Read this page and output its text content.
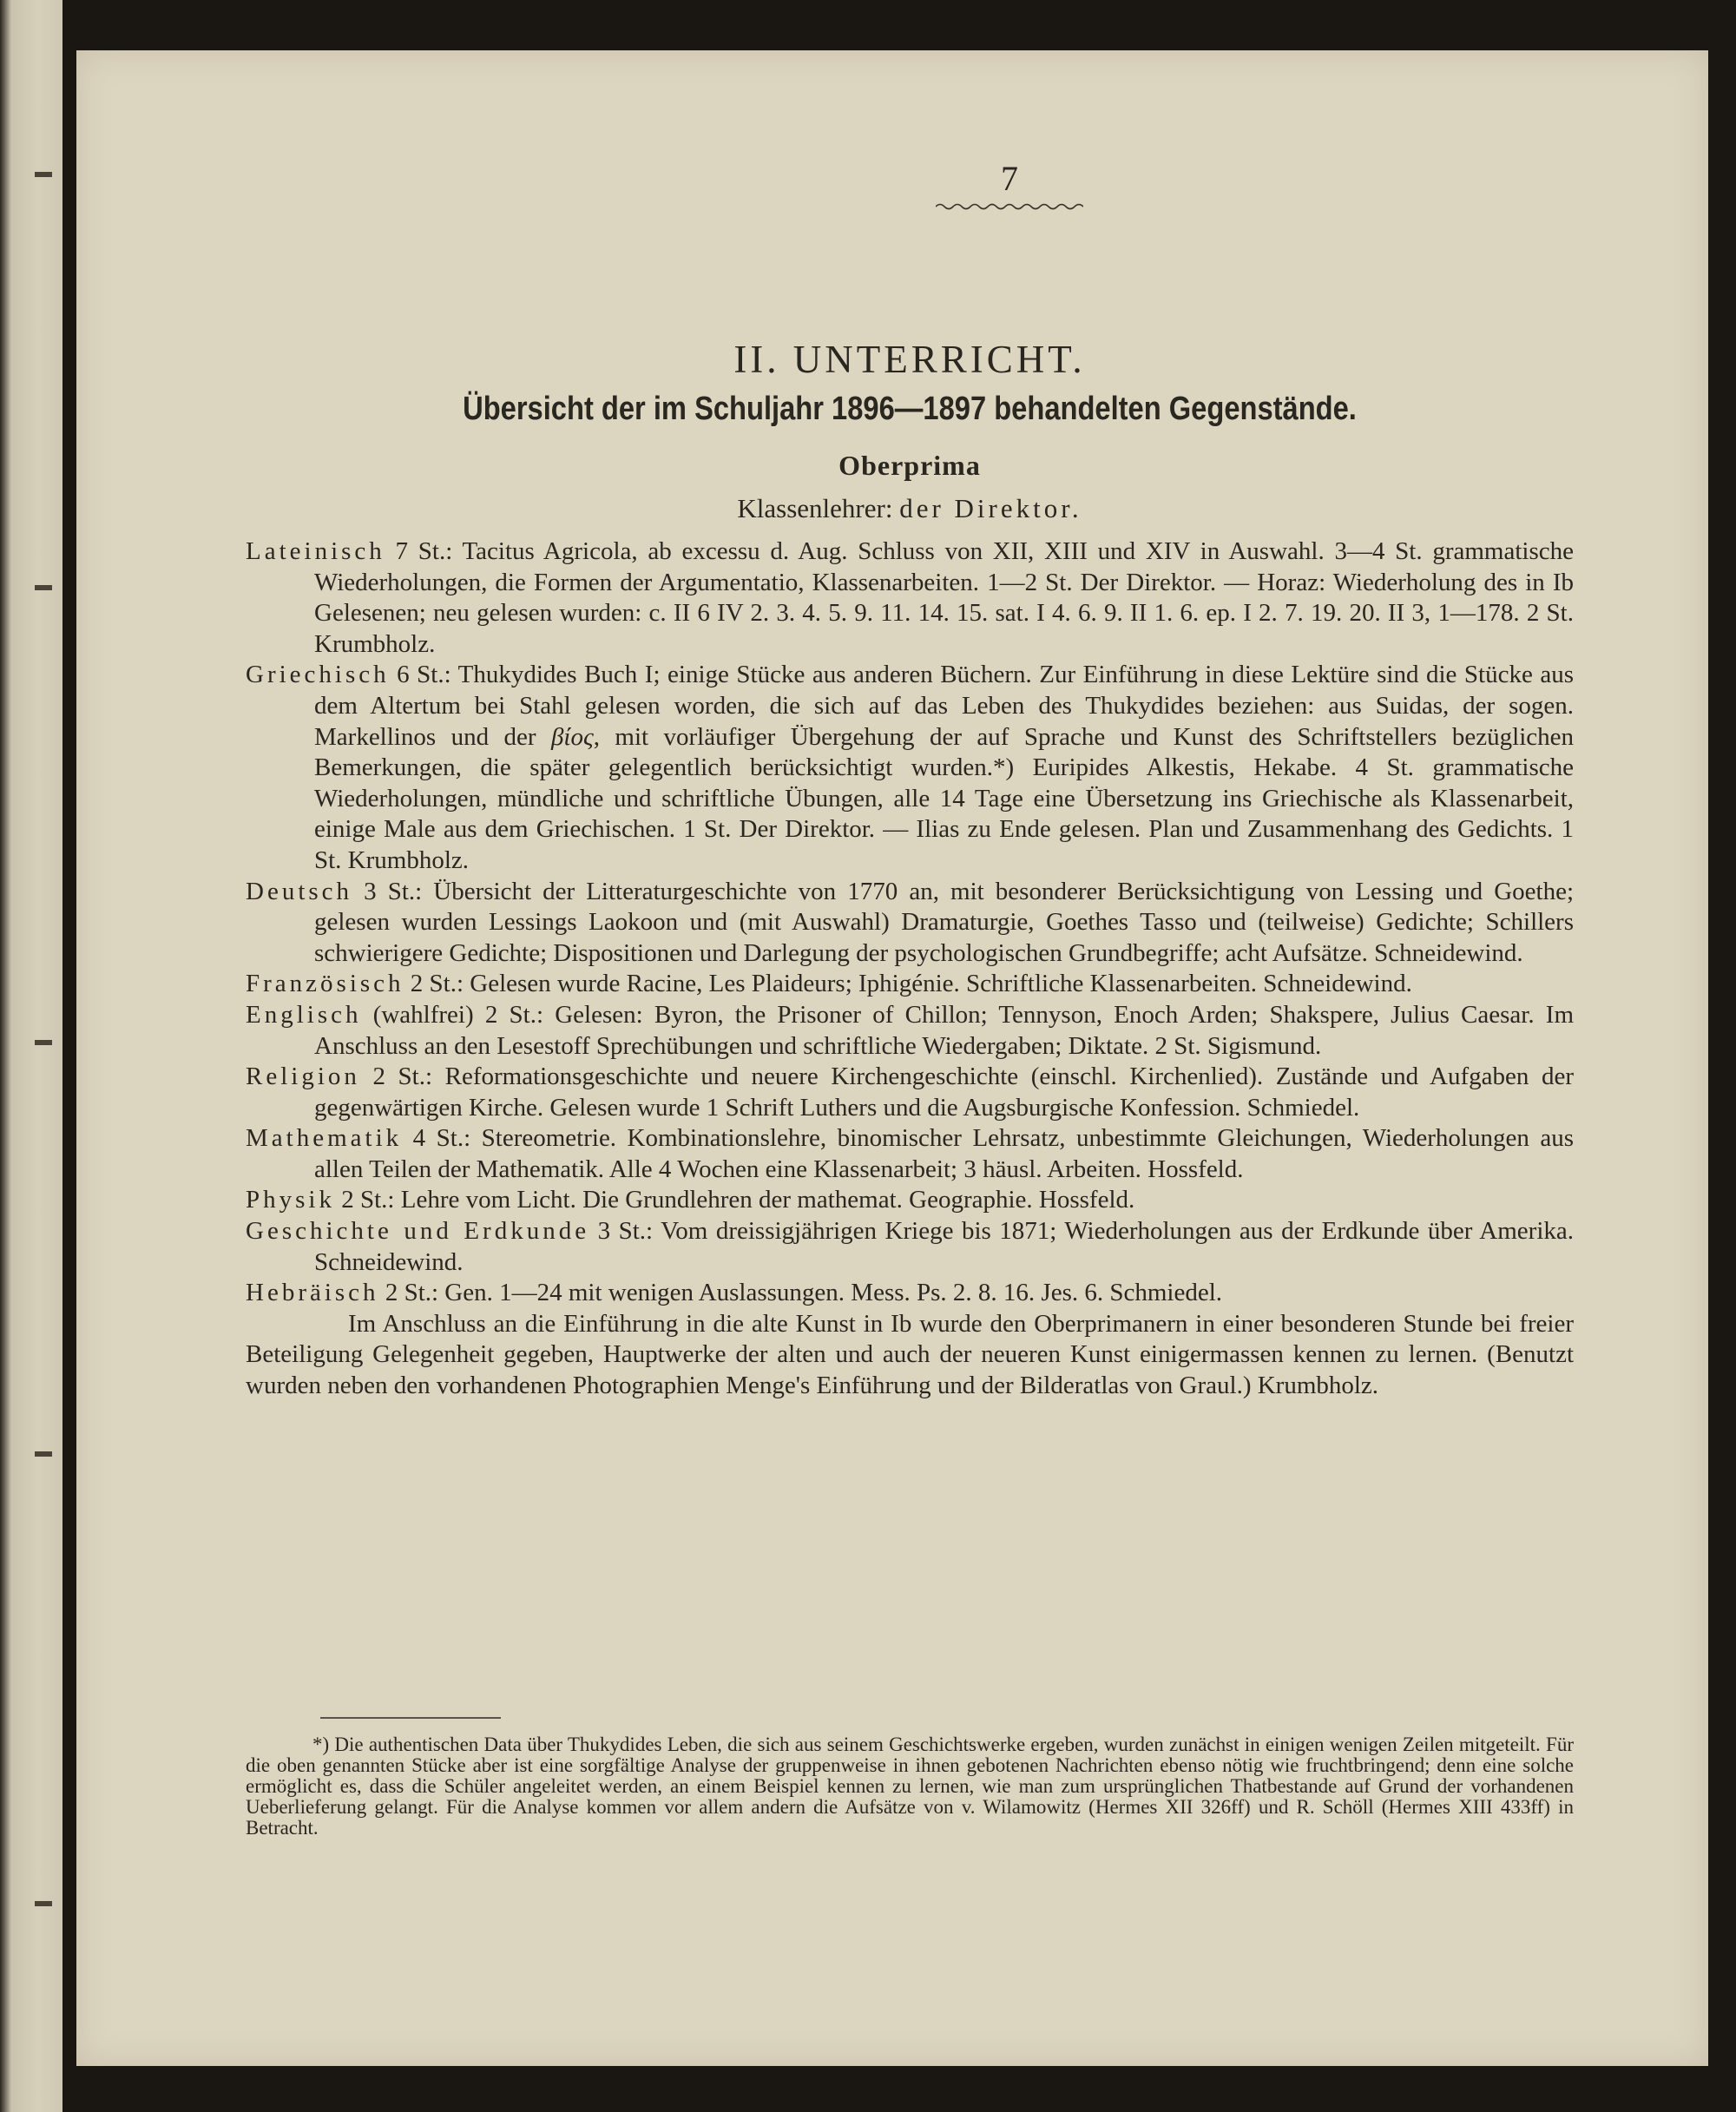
7
II. UNTERRICHT.
Übersicht der im Schuljahr 1896—1897 behandelten Gegenstände.
Oberprima
Klassenlehrer: der Direktor.

Lateinisch 7 St.: Tacitus Agricola, ab excessu d. Aug. Schluss von XII, XIII und XIV in Auswahl. 3—4 St. grammatische Wiederholungen, die Formen der Argumentatio, Klassenarbeiten. 1—2 St. Der Direktor. — Horaz: Wiederholung des in Ib Gelesenen; neu gelesen wurden: c. II 6 IV 2. 3. 4. 5. 9. 11. 14. 15. sat. I 4. 6. 9. II 1. 6. ep. I 2. 7. 19. 20. II 3, 1—178. 2 St. Krumbholz.

Griechisch 6 St.: Thukydides Buch I; einige Stücke aus anderen Büchern. Zur Einführung in diese Lektüre sind die Stücke aus dem Altertum bei Stahl gelesen worden, die sich auf das Leben des Thukydides beziehen: aus Suidas, der sogen. Markellinos und der βίος, mit vorläufiger Übergehung der auf Sprache und Kunst des Schriftstellers bezüglichen Bemerkungen, die später gelegentlich berücksichtigt wurden.*) Euripides Alkestis, Hekabe. 4 St. grammatische Wiederholungen, mündliche und schriftliche Übungen, alle 14 Tage eine Übersetzung ins Griechische als Klassenarbeit, einige Male aus dem Griechischen. 1 St. Der Direktor. — Ilias zu Ende gelesen. Plan und Zusammenhang des Gedichts. 1 St. Krumbholz.

Deutsch 3 St.: Übersicht der Litteraturgeschichte von 1770 an, mit besonderer Berücksichtigung von Lessing und Goethe; gelesen wurden Lessings Laokoon und (mit Auswahl) Dramaturgie, Goethes Tasso und (teilweise) Gedichte; Schillers schwierigere Gedichte; Dispositionen und Darlegung der psychologischen Grundbegriffe; acht Aufsätze. Schneidewind.

Französisch 2 St.: Gelesen wurde Racine, Les Plaideurs; Iphigénie. Schriftliche Klassenarbeiten. Schneidewind.

Englisch (wahlfrei) 2 St.: Gelesen: Byron, the Prisoner of Chillon; Tennyson, Enoch Arden; Shakspere, Julius Caesar. Im Anschluss an den Lesestoff Sprechübungen und schriftliche Wiedergaben; Diktate. 2 St. Sigismund.

Religion 2 St.: Reformationsgeschichte und neuere Kirchengeschichte (einschl. Kirchenlied). Zustände und Aufgaben der gegenwärtigen Kirche. Gelesen wurde 1 Schrift Luthers und die Augsburgische Konfession. Schmiedel.

Mathematik 4 St.: Stereometrie. Kombinationslehre, binomischer Lehrsatz, unbestimmte Gleichungen, Wiederholungen aus allen Teilen der Mathematik. Alle 4 Wochen eine Klassenarbeit; 3 häusl. Arbeiten. Hossfeld.

Physik 2 St.: Lehre vom Licht. Die Grundlehren der mathemat. Geographie. Hossfeld.

Geschichte und Erdkunde 3 St.: Vom dreissigjährigen Kriege bis 1871; Wiederholungen aus der Erdkunde über Amerika. Schneidewind.

Hebräisch 2 St.: Gen. 1—24 mit wenigen Auslassungen. Mess. Ps. 2. 8. 16. Jes. 6. Schmiedel.

Im Anschluss an die Einführung in die alte Kunst in Ib wurde den Oberprimanern in einer besonderen Stunde bei freier Beteiligung Gelegenheit gegeben, Hauptwerke der alten und auch der neueren Kunst einigermassen kennen zu lernen. (Benutzt wurden neben den vorhandenen Photographien Menge's Einführung und der Bilderatlas von Graul.) Krumbholz.

*) Die authentischen Data über Thukydides Leben, die sich aus seinem Geschichtswerke ergeben, wurden zunächst in einigen wenigen Zeilen mitgeteilt. Für die oben genannten Stücke aber ist eine sorgfältige Analyse der gruppenweise in ihnen gebotenen Nachrichten ebenso nötig wie fruchtbringend; denn eine solche ermöglicht es, dass die Schüler angeleitet werden, an einem Beispiel kennen zu lernen, wie man zum ursprünglichen Thatbestande auf Grund der vorhandenen Ueberlieferung gelangt. Für die Analyse kommen vor allem andern die Aufsätze von v. Wilamowitz (Hermes XII 326ff) und R. Schöll (Hermes XIII 433ff) in Betracht.
